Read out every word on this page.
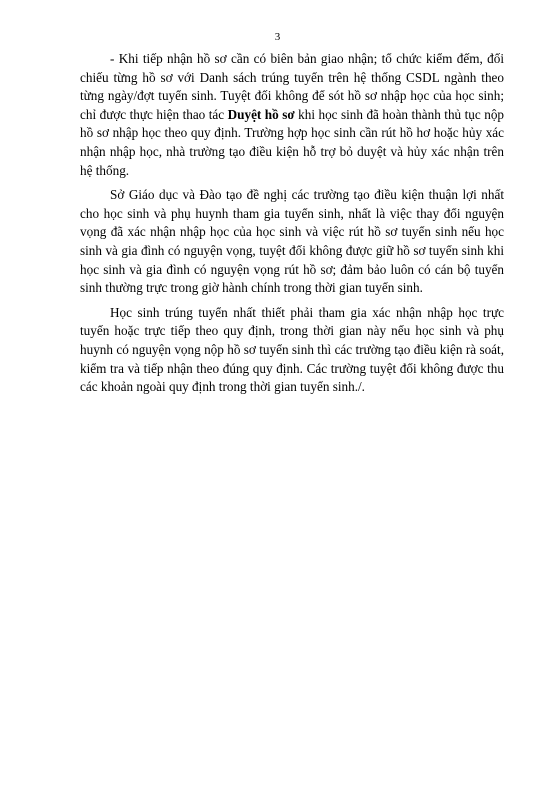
3

- Khi tiếp nhận hồ sơ cần có biên bản giao nhận; tổ chức kiểm đếm, đối chiếu từng hồ sơ với Danh sách trúng tuyển trên hệ thống CSDL ngành theo từng ngày/đợt tuyển sinh. Tuyệt đối không để sót hồ sơ nhập học của học sinh; chỉ được thực hiện thao tác Duyệt hồ sơ khi học sinh đã hoàn thành thủ tục nộp hồ sơ nhập học theo quy định. Trường hợp học sinh cần rút hồ hơ hoặc hủy xác nhận nhập học, nhà trường tạo điều kiện hỗ trợ bỏ duyệt và hủy xác nhận trên hệ thống.

Sở Giáo dục và Đào tạo đề nghị các trường tạo điều kiện thuận lợi nhất cho học sinh và phụ huynh tham gia tuyển sinh, nhất là việc thay đổi nguyện vọng đã xác nhận nhập học của học sinh và việc rút hồ sơ tuyển sinh nếu học sinh và gia đình có nguyện vọng, tuyệt đối không được giữ hồ sơ tuyển sinh khi học sinh và gia đình có nguyện vọng rút hồ sơ; đảm bảo luôn có cán bộ tuyển sinh thường trực trong giờ hành chính trong thời gian tuyển sinh.

Học sinh trúng tuyển nhất thiết phải tham gia xác nhận nhập học trực tuyến hoặc trực tiếp theo quy định, trong thời gian này nếu học sinh và phụ huynh có nguyện vọng nộp hồ sơ tuyển sinh thì các trường tạo điều kiện rà soát, kiểm tra và tiếp nhận theo đúng quy định. Các trường tuyệt đối không được thu các khoản ngoài quy định trong thời gian tuyển sinh./.
